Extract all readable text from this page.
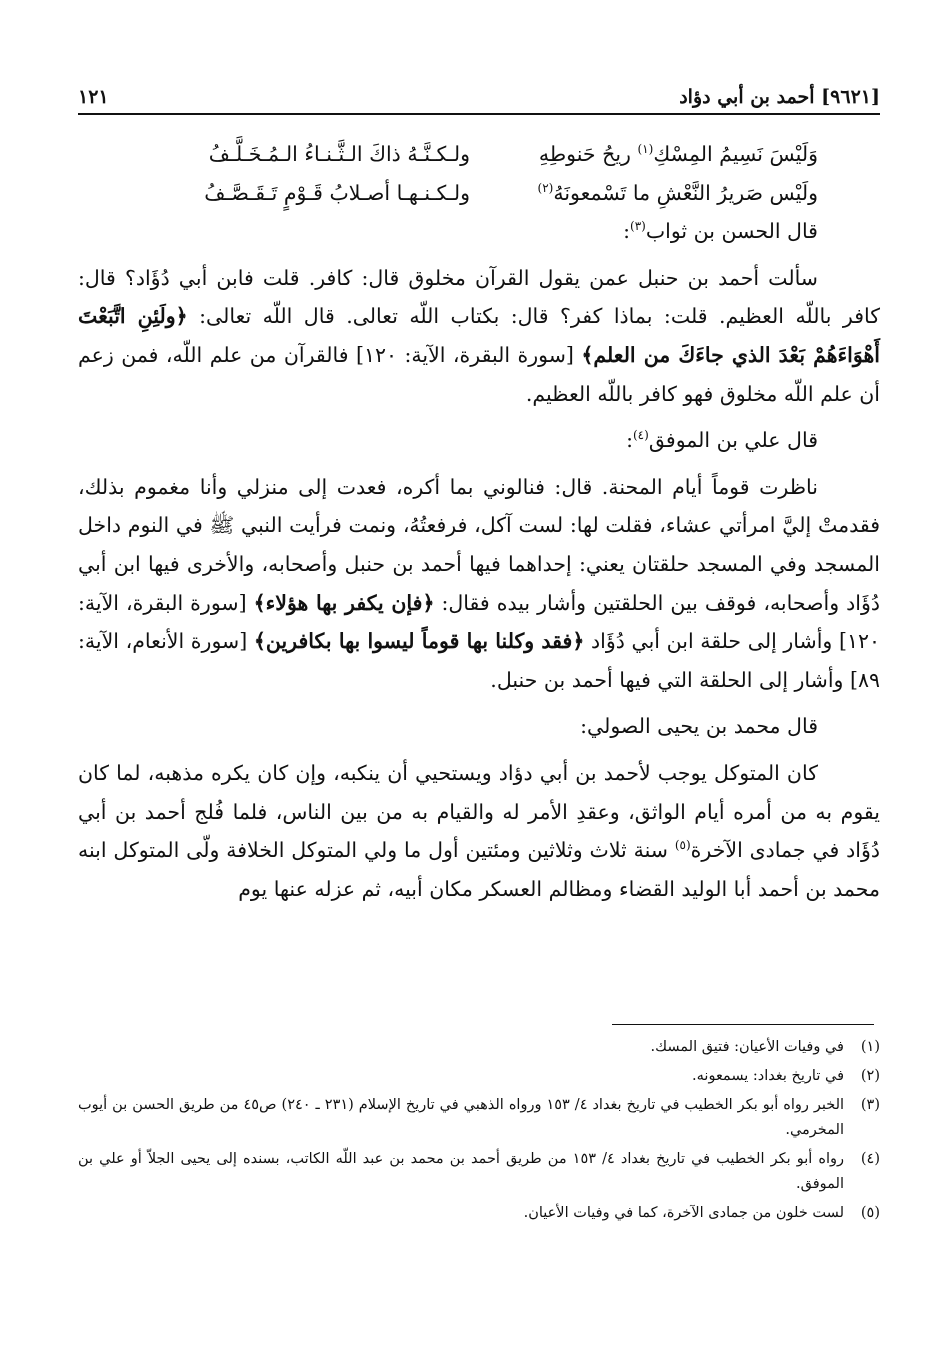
[٩٦٢١] أحمد بن أبي دؤاد
١٢١
وَلَيْسَ نَسِيمُ المِسْكِ$^{(١)}$ ريحُ حَنوطِهِ
ولـكـنَّـهُ ذاكَ الـثَّـنـاءُ الـمُـخَـلَّـفُ
ولَيْس صَريرُ النَّعْشِ ما تَسْمعونَهُ$^{(٢)}$
ولـكـنـهـا أصـلابُ قَـوْمٍ تَـقَـصَّـفُ

قال الحسن بن ثواب$^{(٣)}$:

سألت أحمد بن حنبل عمن يقول القرآن مخلوق قال: كافر. قلت فابن أبي دُؤَاد؟ قال: كافر باللّه العظيم. قلت: بماذا كفر؟ قال: بكتاب اللّه تعالى. قال اللّه تعالى: ﴿ولَئِنِ اتَّبَعْتَ أَهْوَاءَهُمْ بَعْدَ الذي جاءَكَ من العلم﴾ [سورة البقرة، الآية: ١٢٠] فالقرآن من علم اللّه، فمن زعم أن علم اللّه مخلوق فهو كافر باللّه العظيم.

قال علي بن الموفق$^{(٤)}$:

ناظرت قوماً أيام المحنة. قال: فنالوني بما أكره، فعدت إلى منزلي وأنا مغموم بذلك، فقدمتْ إليَّ امرأتي عشاء، فقلت لها: لست آكل، فرفعتُهُ، ونمت فرأيت النبي ﷺ في النوم داخل المسجد وفي المسجد حلقتان يعني: إحداهما فيها أحمد بن حنبل وأصحابه، والأخرى فيها ابن أبي دُؤَاد وأصحابه، فوقف بين الحلقتين وأشار بيده فقال: ﴿فإن يكفر بها هؤلاء﴾ [سورة البقرة، الآية: ١٢٠] وأشار إلى حلقة ابن أبي دُؤَاد ﴿فقد وكلنا بها قوماً ليسوا بها بكافرين﴾ [سورة الأنعام، الآية: ٨٩] وأشار إلى الحلقة التي فيها أحمد بن حنبل.

قال محمد بن يحيى الصولي:

كان المتوكل يوجب لأحمد بن أبي دؤاد ويستحيي أن ينكبه، وإن كان يكره مذهبه، لما كان يقوم به من أمره أيام الواثق، وعقدِ الأمر له والقيام به من بين الناس، فلما فُلج أحمد بن أبي دُؤَاد في جمادى الآخرة$^{(٥)}$ سنة ثلاث وثلاثين ومئتين أول ما ولي المتوكل الخلافة ولّى المتوكل ابنه محمد بن أحمد أبا الوليد القضاء ومظالم العسكر مكان أبيه، ثم عزله عنها يوم

(١)
في وفيات الأعيان: فتيق المسك.
(٢)
في تاريخ بغداد: يسمعونه.
(٣)
الخبر رواه أبو بكر الخطيب في تاريخ بغداد ٤/ ١٥٣ ورواه الذهبي في تاريخ الإسلام (٢٣١ ـ ٢٤٠) ص٤٥ من طريق الحسن بن أيوب المخرمي.
(٤)
رواه أبو بكر الخطيب في تاريخ بغداد ٤/ ١٥٣ من طريق أحمد بن محمد بن عبد اللّه الكاتب، بسنده إلى يحيى الجلاّ أو علي بن الموفق.
(٥)
لست خلون من جمادى الآخرة، كما في وفيات الأعيان.
